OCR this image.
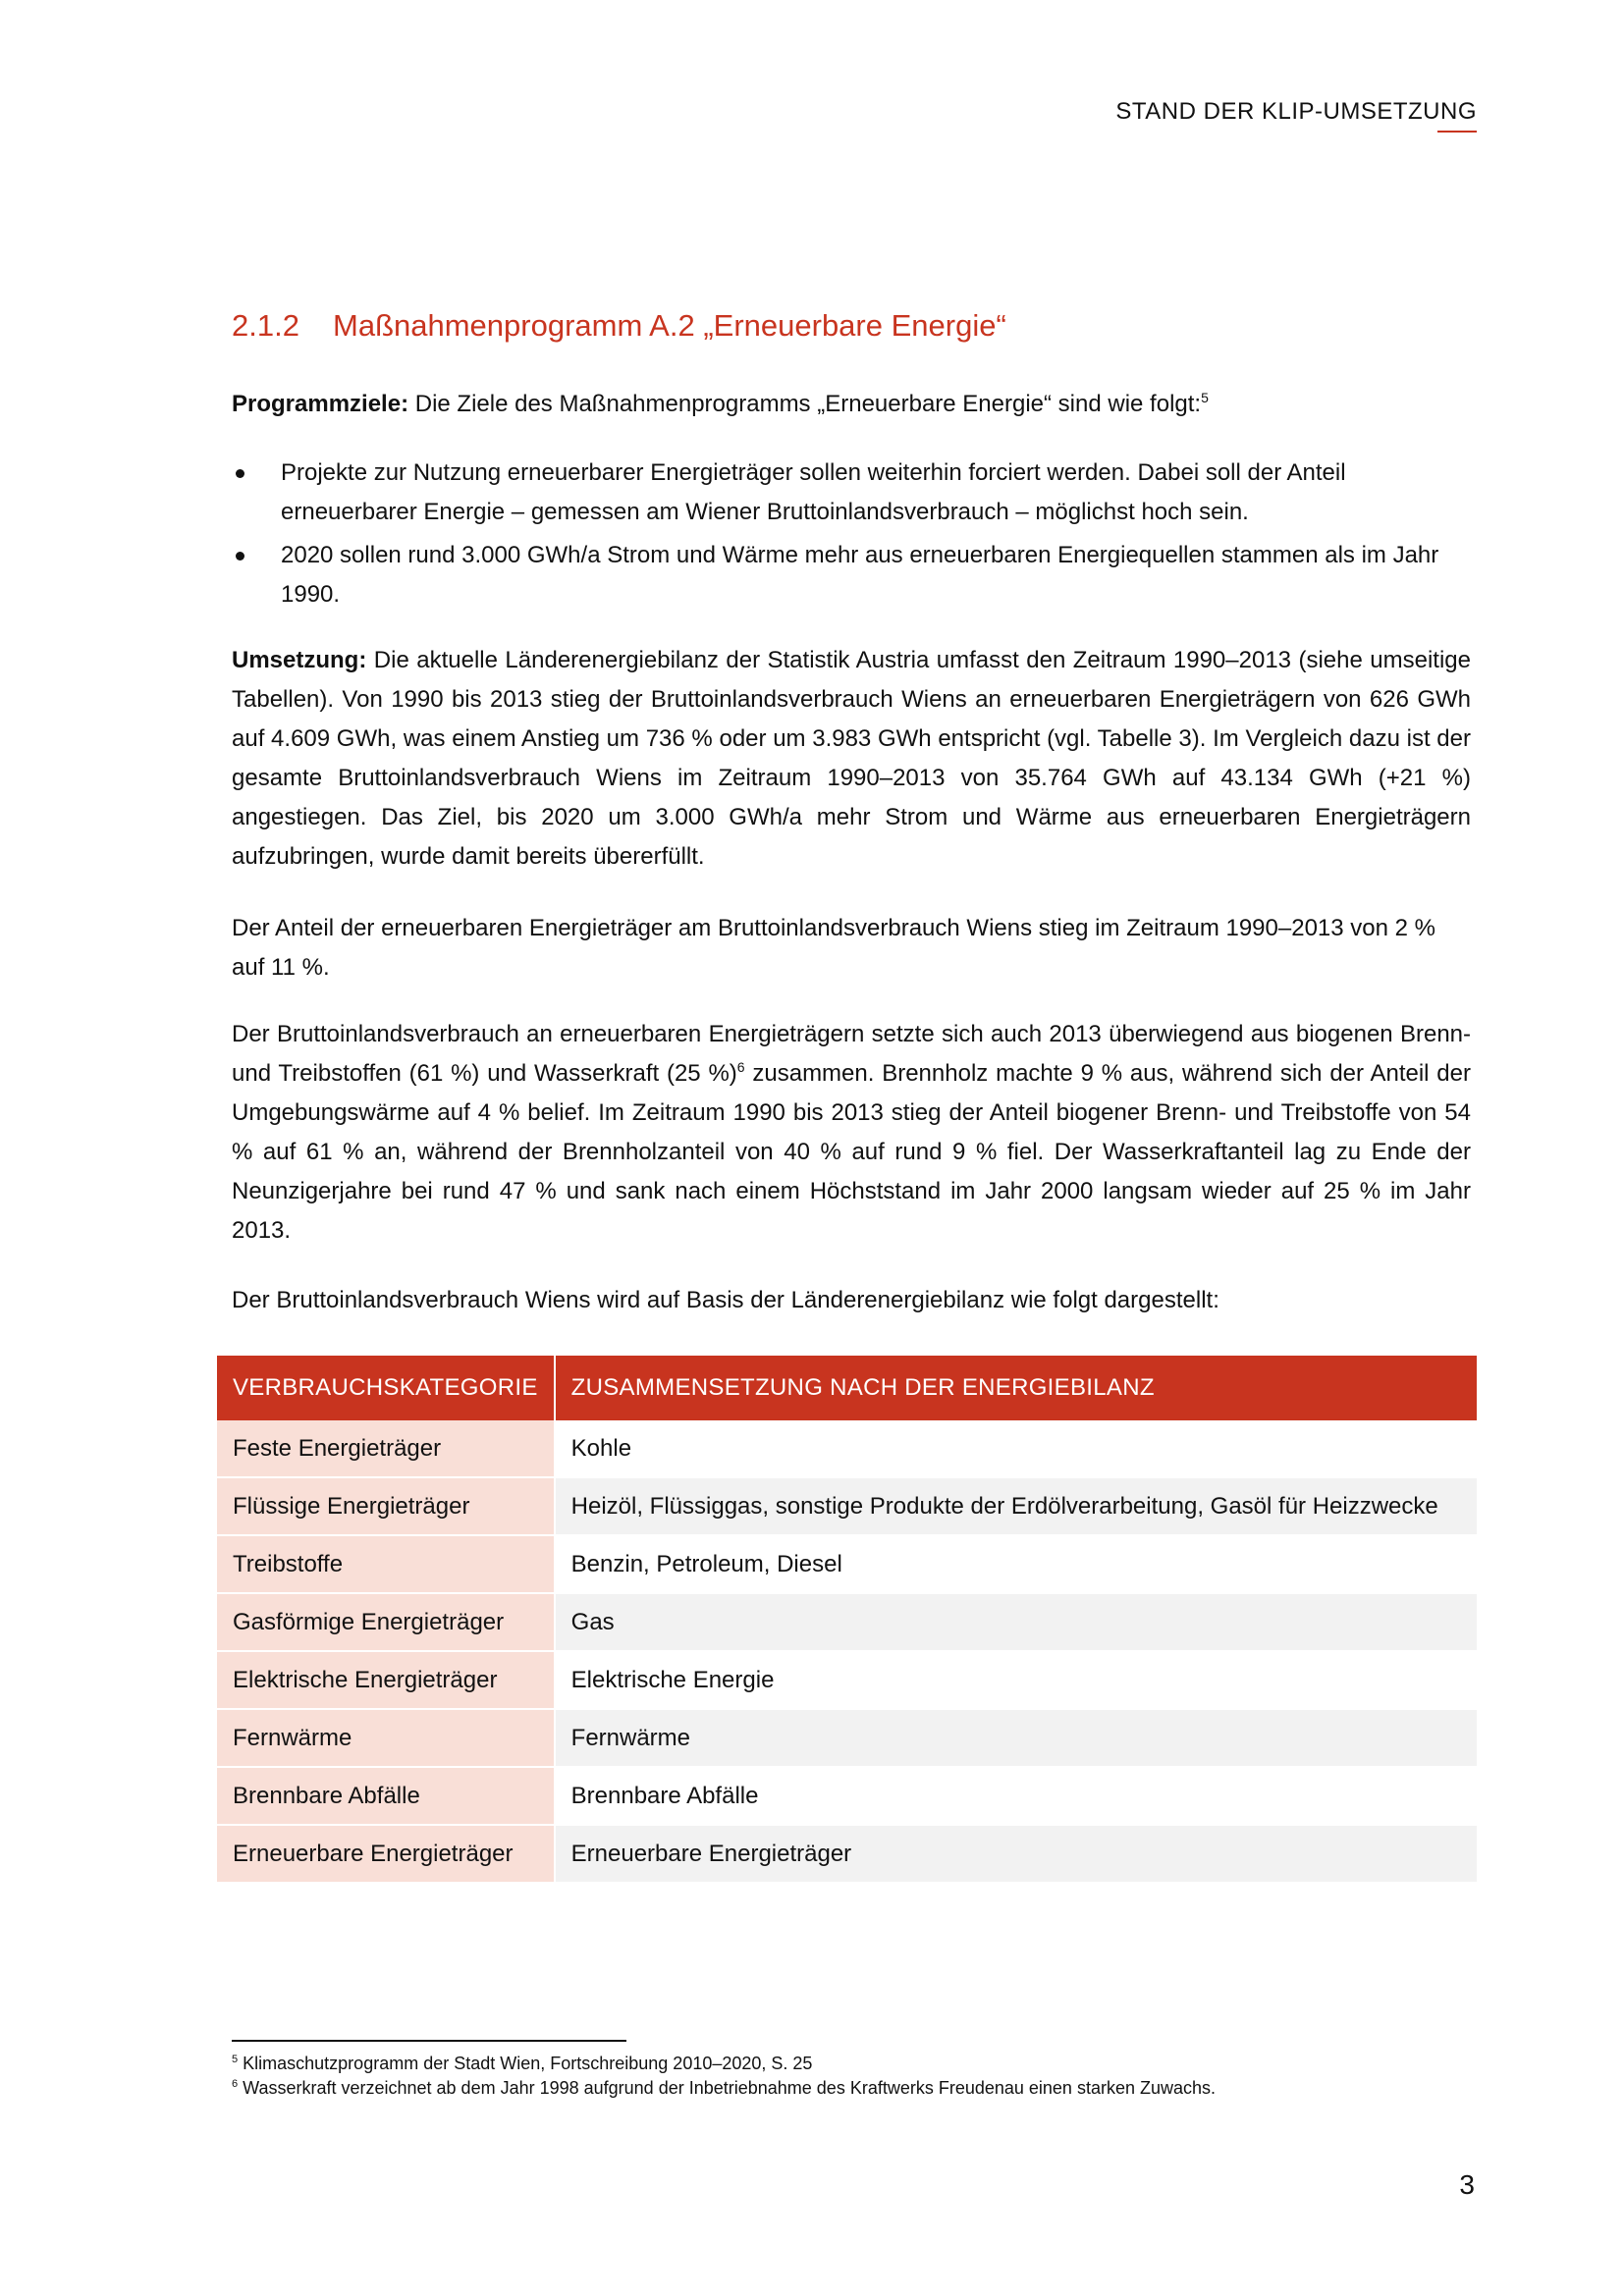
STAND DER KLIP-UMSETZUNG
2.1.2 Maßnahmenprogramm A.2 „Erneuerbare Energie“
Programmziele: Die Ziele des Maßnahmenprogramms „Erneuerbare Energie“ sind wie folgt:$^5$
Projekte zur Nutzung erneuerbarer Energieträger sollen weiterhin forciert werden. Dabei soll der Anteil erneuerbarer Energie – gemessen am Wiener Bruttoinlandsverbrauch – möglichst hoch sein.
2020 sollen rund 3.000 GWh/a Strom und Wärme mehr aus erneuerbaren Energiequellen stammen als im Jahr 1990.
Umsetzung: Die aktuelle Länderenergiebilanz der Statistik Austria umfasst den Zeitraum 1990–2013 (siehe umseitige Tabellen). Von 1990 bis 2013 stieg der Bruttoinlandsverbrauch Wiens an erneuerbaren Energieträgern von 626 GWh auf 4.609 GWh, was einem Anstieg um 736 % oder um 3.983 GWh entspricht (vgl. Tabelle 3). Im Vergleich dazu ist der gesamte Bruttoinlandsverbrauch Wiens im Zeitraum 1990–2013 von 35.764 GWh auf 43.134 GWh (+21 %) angestiegen. Das Ziel, bis 2020 um 3.000 GWh/a mehr Strom und Wärme aus erneuerbaren Energieträgern aufzubringen, wurde damit bereits übererfüllt.
Der Anteil der erneuerbaren Energieträger am Bruttoinlandsverbrauch Wiens stieg im Zeitraum 1990–2013 von 2 % auf 11 %.
Der Bruttoinlandsverbrauch an erneuerbaren Energieträgern setzte sich auch 2013 überwiegend aus biogenen Brenn- und Treibstoffen (61 %) und Wasserkraft (25 %)$^6$ zusammen. Brennholz machte 9 % aus, während sich der Anteil der Umgebungswärme auf 4 % belief. Im Zeitraum 1990 bis 2013 stieg der Anteil biogener Brenn- und Treibstoffe von 54 % auf 61 % an, während der Brennholzanteil von 40 % auf rund 9 % fiel. Der Wasserkraftanteil lag zu Ende der Neunzigerjahre bei rund 47 % und sank nach einem Höchststand im Jahr 2000 langsam wieder auf 25 % im Jahr 2013.
Der Bruttoinlandsverbrauch Wiens wird auf Basis der Länderenergiebilanz wie folgt dargestellt:
VERBRAUCHSKATEGORIE	ZUSAMMENSETZUNG NACH DER ENERGIEBILANZ
Feste Energieträger	Kohle
Flüssige Energieträger	Heizöl, Flüssiggas, sonstige Produkte der Erdölverarbeitung, Gasöl für Heizzwecke
Treibstoffe	Benzin, Petroleum, Diesel
Gasförmige Energieträger	Gas
Elektrische Energieträger	Elektrische Energie
Fernwärme	Fernwärme
Brennbare Abfälle	Brennbare Abfälle
Erneuerbare Energieträger	Erneuerbare Energieträger
$^5$ Klimaschutzprogramm der Stadt Wien, Fortschreibung 2010–2020, S. 25
$^6$ Wasserkraft verzeichnet ab dem Jahr 1998 aufgrund der Inbetriebnahme des Kraftwerks Freudenau einen starken Zuwachs.
3
